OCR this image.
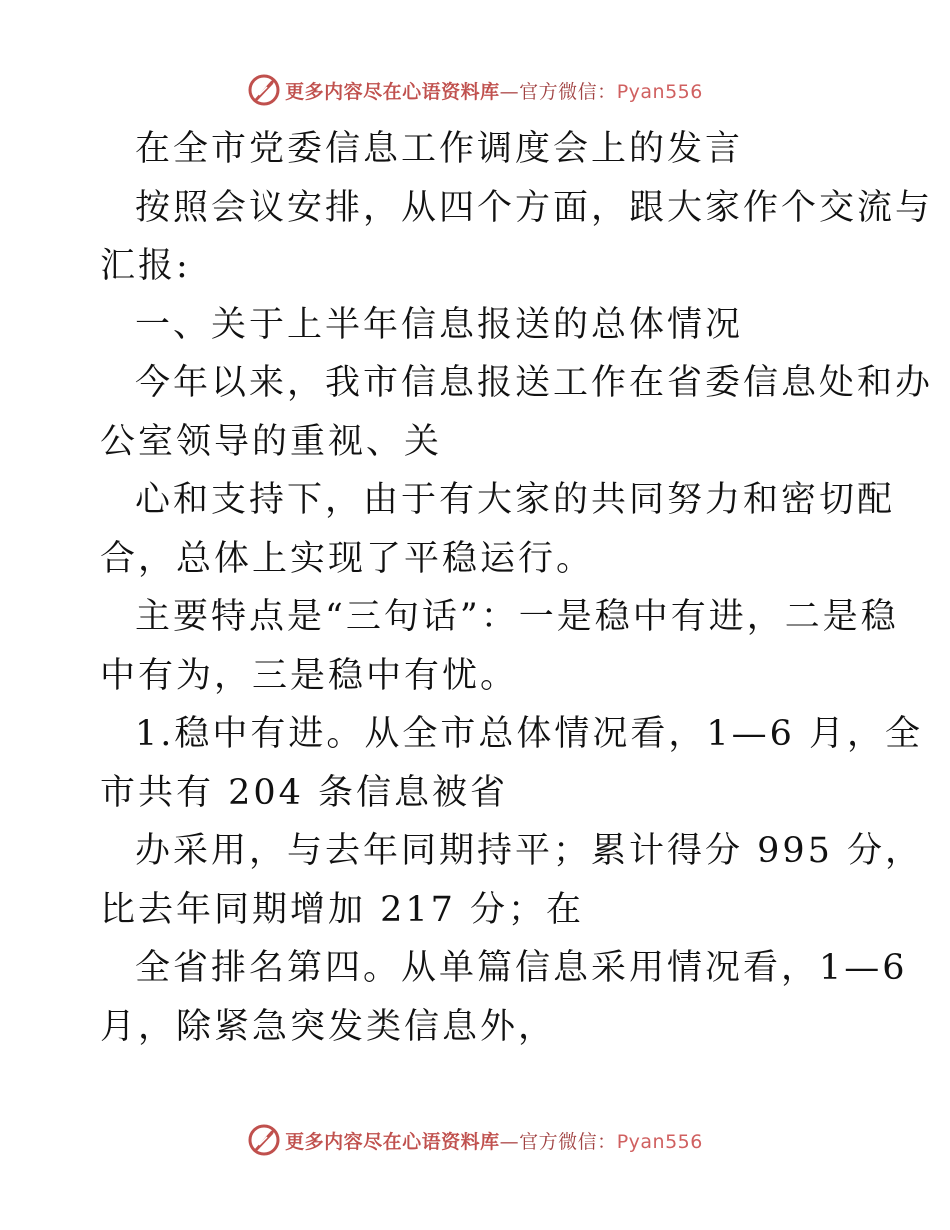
更多内容尽在心语资料库—官方微信：Pyan556
在全市党委信息工作调度会上的发言
按照会议安排，从四个方面，跟大家作个交流与
汇报:
一、关于上半年信息报送的总体情况
今年以来，我市信息报送工作在省委信息处和办
公室领导的重视、关
心和支持下，由于有大家的共同努力和密切配
合，总体上实现了平稳运行。
主要特点是“三句话”：一是稳中有进，二是稳
中有为，三是稳中有忧。
1.稳中有进。从全市总体情况看，1—6 月，全
市共有 204 条信息被省
办采用，与去年同期持平；累计得分 995 分，
比去年同期增加 217 分；在
全省排名第四。从单篇信息采用情况看，1—6
月，除紧急突发类信息外，
更多内容尽在心语资料库—官方微信：Pyan556
